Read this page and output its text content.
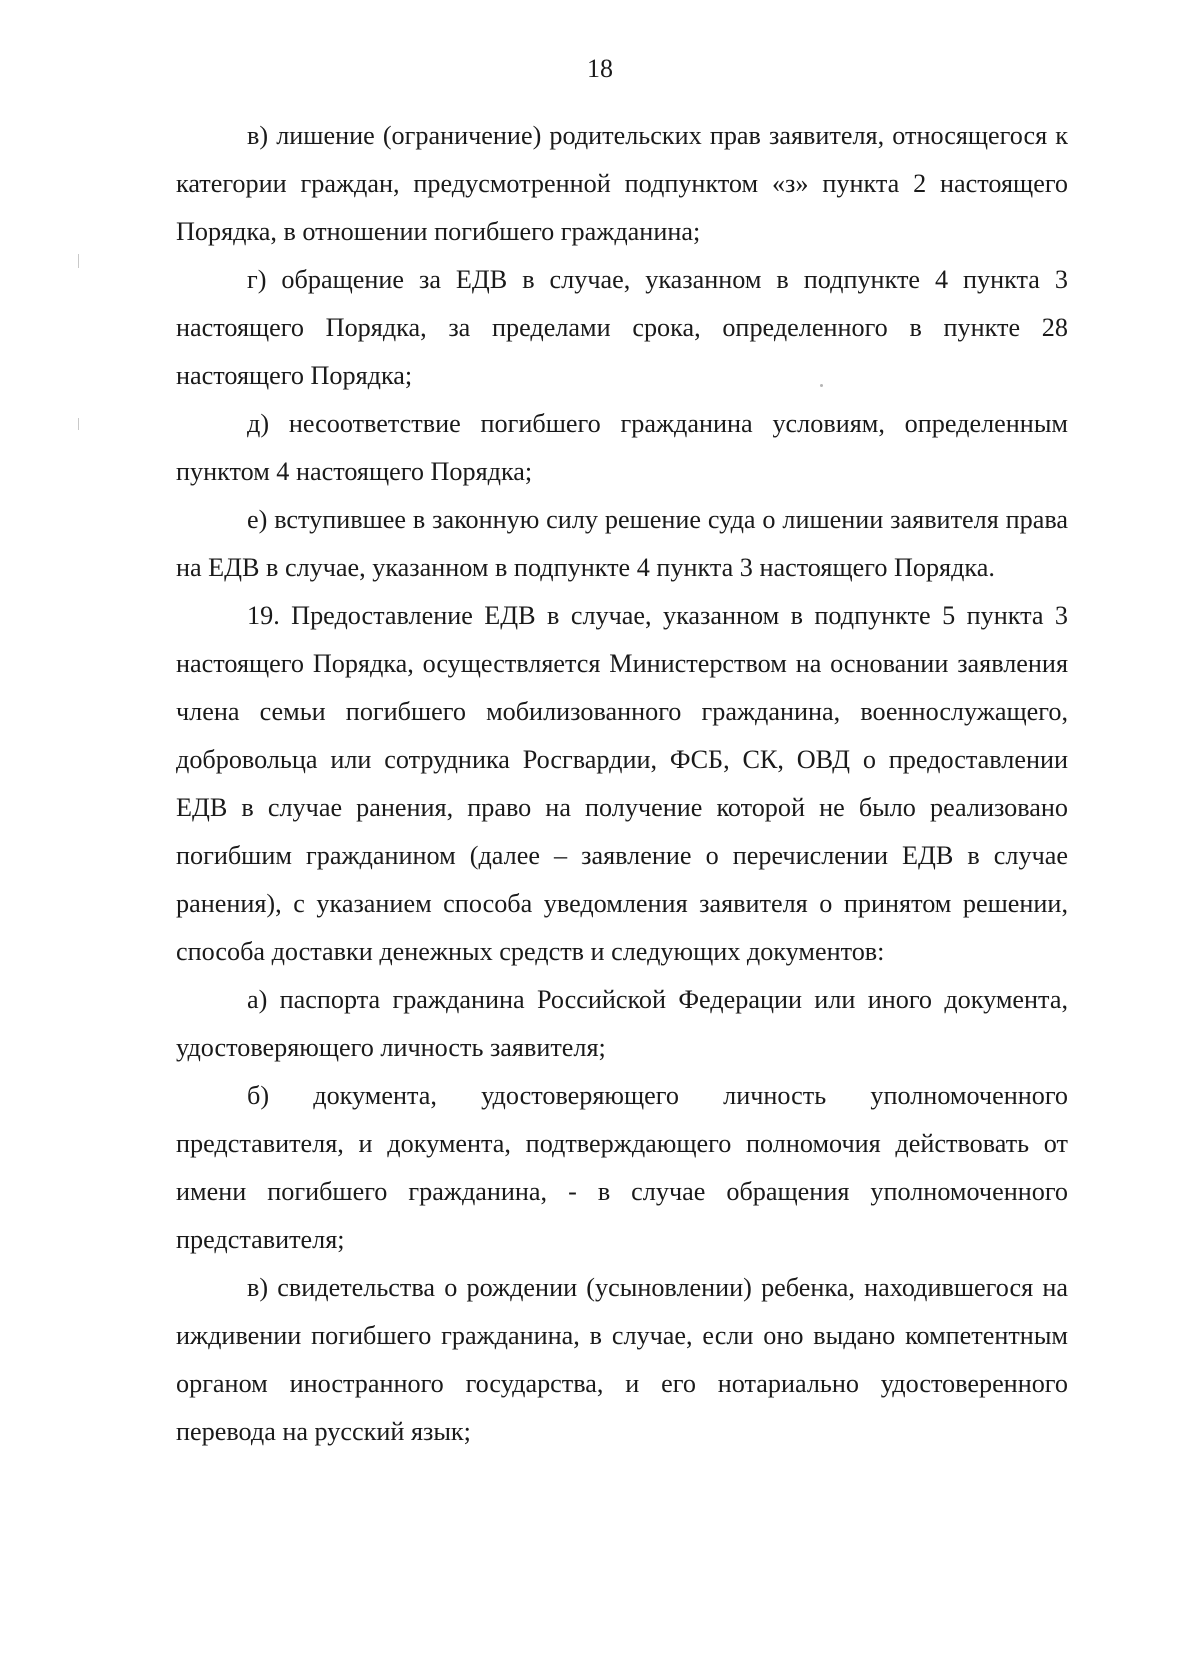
18

в) лишение (ограничение) родительских прав заявителя, относящегося к категории граждан, предусмотренной подпунктом «з» пункта 2 настоящего Порядка, в отношении погибшего гражданина;

г) обращение за ЕДВ в случае, указанном в подпункте 4 пункта 3 настоящего Порядка, за пределами срока, определенного в пункте 28 настоящего Порядка;

д) несоответствие погибшего гражданина условиям, определенным пунктом 4 настоящего Порядка;

е) вступившее в законную силу решение суда о лишении заявителя права на ЕДВ в случае, указанном в подпункте 4 пункта 3 настоящего Порядка.

19. Предоставление ЕДВ в случае, указанном в подпункте 5 пункта 3 настоящего Порядка, осуществляется Министерством на основании заявления члена семьи погибшего мобилизованного гражданина, военнослужащего, добровольца или сотрудника Росгвардии, ФСБ, СК, ОВД о предоставлении ЕДВ в случае ранения, право на получение которой не было реализовано погибшим гражданином (далее – заявление о перечислении ЕДВ в случае ранения), с указанием способа уведомления заявителя о принятом решении, способа доставки денежных средств и следующих документов:

а) паспорта гражданина Российской Федерации или иного документа, удостоверяющего личность заявителя;

б) документа, удостоверяющего личность уполномоченного представителя, и документа, подтверждающего полномочия действовать от имени погибшего гражданина, - в случае обращения уполномоченного представителя;

в) свидетельства о рождении (усыновлении) ребенка, находившегося на иждивении погибшего гражданина, в случае, если оно выдано компетентным органом иностранного государства, и его нотариально удостоверенного перевода на русский язык;
